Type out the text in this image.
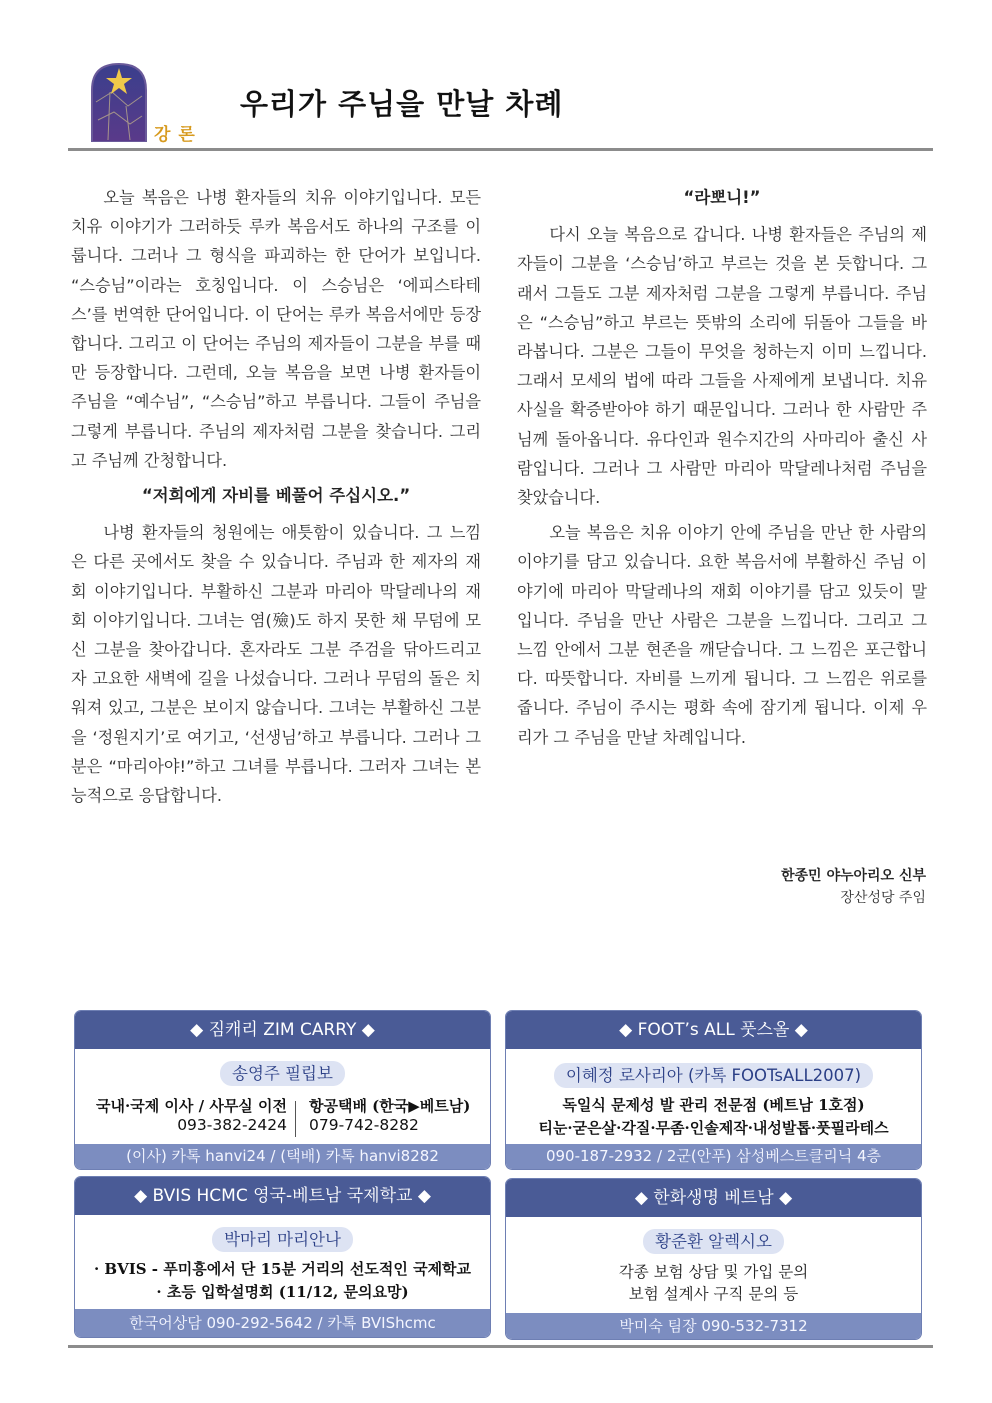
강론
우리가 주님을 만날 차례

오늘 복음은 나병 환자들의 치유 이야기입니다. 모든 치유 이야기가 그러하듯 루카 복음서도 하나의 구조를 이룹니다. 그러나 그 형식을 파괴하는 한 단어가 보입니다. “스승님”이라는 호칭입니다. 이 스승님은 ‘에피스타테스’를 번역한 단어입니다. 이 단어는 루카 복음서에만 등장합니다. 그리고 이 단어는 주님의 제자들이 그분을 부를 때만 등장합니다. 그런데, 오늘 복음을 보면 나병 환자들이 주님을 “예수님”, “스승님”하고 부릅니다. 그들이 주님을 그렇게 부릅니다. 주님의 제자처럼 그분을 찾습니다. 그리고 주님께 간청합니다.

“저희에게 자비를 베풀어 주십시오.”

나병 환자들의 청원에는 애틋함이 있습니다. 그 느낌은 다른 곳에서도 찾을 수 있습니다. 주님과 한 제자의 재회 이야기입니다. 부활하신 그분과 마리아 막달레나의 재회 이야기입니다. 그녀는 염(殮)도 하지 못한 채 무덤에 모신 그분을 찾아갑니다. 혼자라도 그분 주검을 닦아드리고자 고요한 새벽에 길을 나섰습니다. 그러나 무덤의 돌은 치워져 있고, 그분은 보이지 않습니다. 그녀는 부활하신 그분을 ‘정원지기’로 여기고, ‘선생님’하고 부릅니다. 그러나 그분은 “마리아야!”하고 그녀를 부릅니다. 그러자 그녀는 본능적으로 응답합니다.

“라뽀니!”

다시 오늘 복음으로 갑니다. 나병 환자들은 주님의 제자들이 그분을 ‘스승님’하고 부르는 것을 본 듯합니다. 그래서 그들도 그분 제자처럼 그분을 그렇게 부릅니다. 주님은 “스승님”하고 부르는 뜻밖의 소리에 뒤돌아 그들을 바라봅니다. 그분은 그들이 무엇을 청하는지 이미 느낍니다. 그래서 모세의 법에 따라 그들을 사제에게 보냅니다. 치유 사실을 확증받아야 하기 때문입니다. 그러나 한 사람만 주님께 돌아옵니다. 유다인과 원수지간의 사마리아 출신 사람입니다. 그러나 그 사람만 마리아 막달레나처럼 주님을 찾았습니다.

오늘 복음은 치유 이야기 안에 주님을 만난 한 사람의 이야기를 담고 있습니다. 요한 복음서에 부활하신 주님 이야기에 마리아 막달레나의 재회 이야기를 담고 있듯이 말입니다. 주님을 만난 사람은 그분을 느낍니다. 그리고 그 느낌 안에서 그분 현존을 깨닫습니다. 그 느낌은 포근합니다. 따뜻합니다. 자비를 느끼게 됩니다. 그 느낌은 위로를 줍니다. 주님이 주시는 평화 속에 잠기게 됩니다. 이제 우리가 그 주님을 만날 차례입니다.

한종민 야누아리오 신부
장산성당 주임
◆ 짐캐리 ZIM CARRY ◆
송영주 필립보
국내·국제 이사 / 사무실 이전
093-382-2424
항공택배 (한국▶베트남)
079-742-8282
(이사) 카톡 hanvi24 / (택배) 카톡 hanvi8282
◆ FOOT’s ALL 풋스올 ◆
이혜정 로사리아 (카톡 FOOTsALL2007)
독일식 문제성 발 관리 전문점 (베트남 1호점)
티눈·굳은살·각질·무좀·인솔제작·내성발톱·풋필라테스
090-187-2932 / 2군(안푸) 삼성베스트클리닉 4층
◆ BVIS HCMC 영국-베트남 국제학교 ◆
박마리 마리안나
· BVIS - 푸미흥에서 단 15분 거리의 선도적인 국제학교
· 초등 입학설명회 (11/12, 문의요망)
한국어상담 090-292-5642 / 카톡 BVIShcmc
◆ 한화생명 베트남 ◆
황준환 알렉시오
각종 보험 상담 및 가입 문의
보험 설계사 구직 문의 등
박미숙 팀장 090-532-7312
